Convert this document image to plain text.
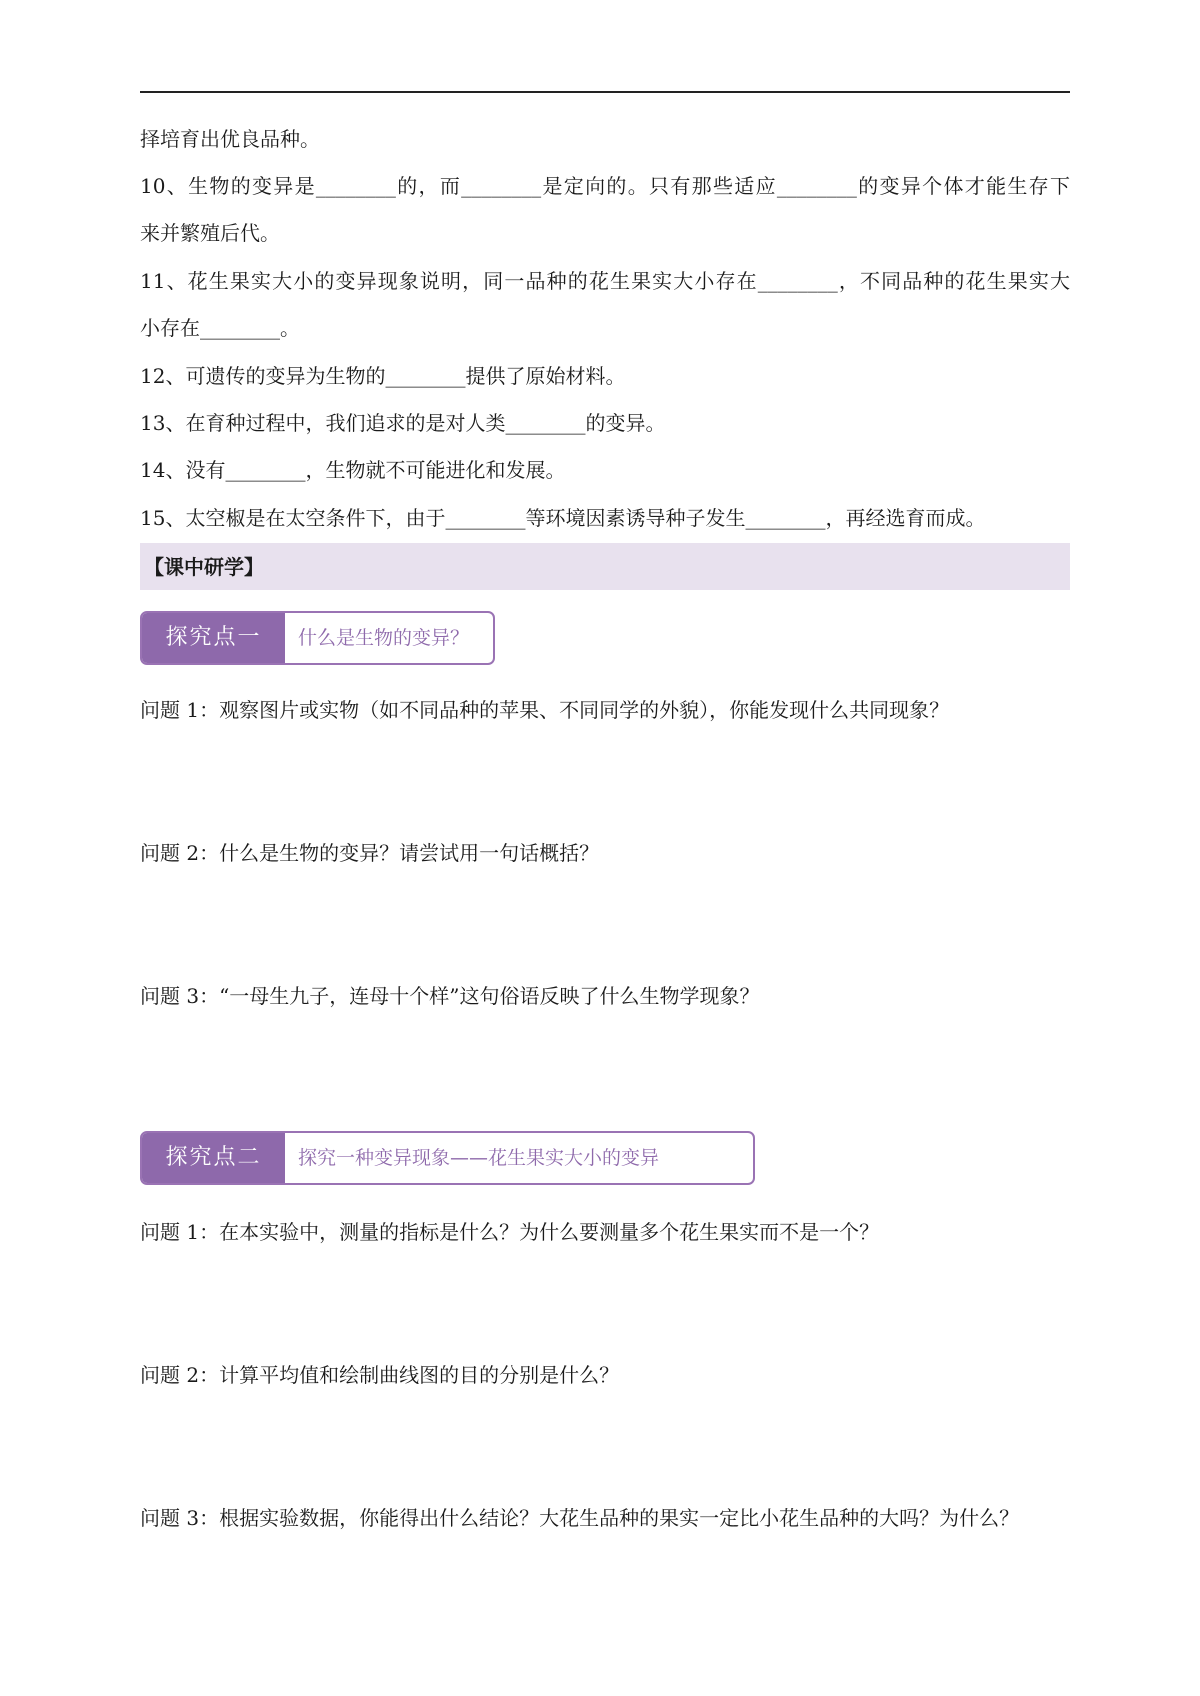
择培育出优良品种。
10、生物的变异是________的，而________是定向的。只有那些适应________的变异个体才能生存下
来并繁殖后代。
11、花生果实大小的变异现象说明，同一品种的花生果实大小存在________，不同品种的花生果实大
小存在________。
12、可遗传的变异为生物的________提供了原始材料。
13、在育种过程中，我们追求的是对人类________的变异。
14、没有________，生物就不可能进化和发展。
15、太空椒是在太空条件下，由于________等环境因素诱导种子发生________，再经选育而成。
【课中研学】
探究点一	什么是生物的变异？
问题 1：观察图片或实物（如不同品种的苹果、不同同学的外貌），你能发现什么共同现象？
问题 2：什么是生物的变异？请尝试用一句话概括？
问题 3：“一母生九子，连母十个样”这句俗语反映了什么生物学现象？
探究点二	探究一种变异现象——花生果实大小的变异
问题 1：在本实验中，测量的指标是什么？为什么要测量多个花生果实而不是一个？
问题 2：计算平均值和绘制曲线图的目的分别是什么？
问题 3：根据实验数据，你能得出什么结论？大花生品种的果实一定比小花生品种的大吗？为什么？
